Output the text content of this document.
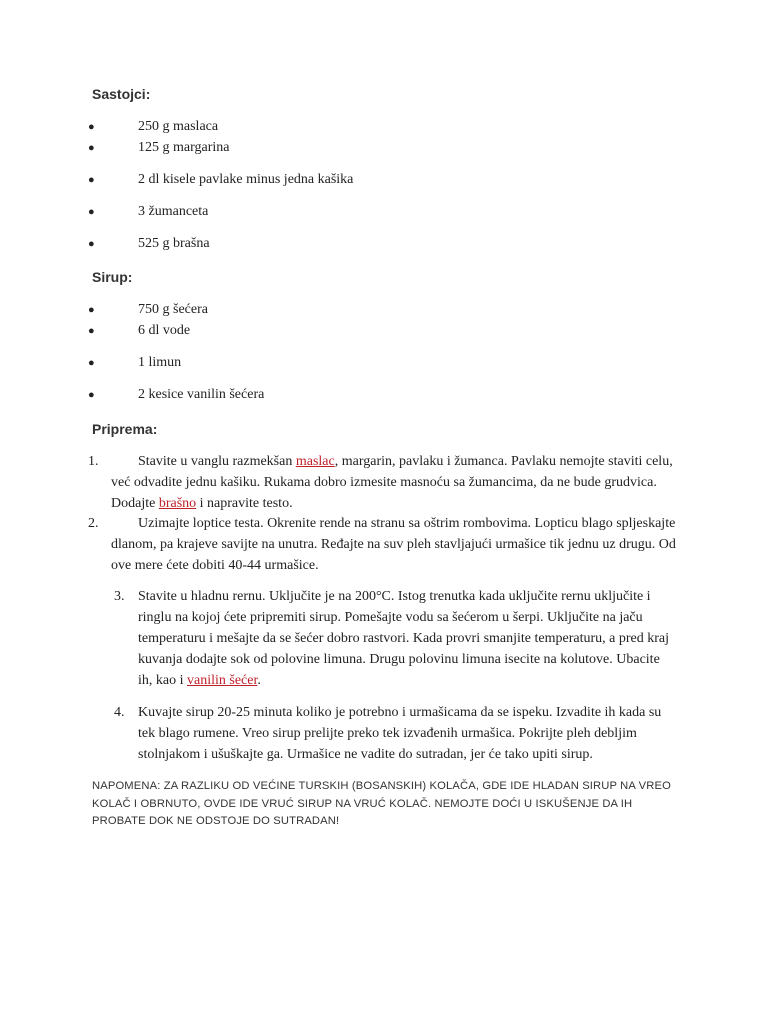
Sastojci:
●	250 g maslaca
●	125 g margarina
●	2 dl kisele pavlake minus jedna kašika
●	3 žumanceta
●	525 g brašna
Sirup:
●	750 g šećera
●	6 dl vode
●	1 limun
●	2 kesice vanilin šećera
Priprema:
1.	Stavite u vanglu razmekšan maslac, margarin, pavlaku i žumanca. Pavlaku nemojte staviti celu, već odvadite jednu kašiku. Rukama dobro izmesite masnoću sa žumancima, da ne bude grudvica. Dodajte brašno i napravite testo.
2.	Uzimajte loptice testa. Okrenite rende na stranu sa oštrim rombovima. Lopticu blago spljeskajte dlanom, pa krajeve savijte na unutra. Ređajte na suv pleh stavljajući urmašice tik jednu uz drugu. Od ove mere ćete dobiti 40-44 urmašice.
3. Stavite u hladnu rernu. Uključite je na 200°C. Istog trenutka kada uključite rernu uključite i ringlu na kojoj ćete pripremiti sirup. Pomešajte vodu sa šećerom u šerpi. Uključite na jaču temperaturu i mešajte da se šećer dobro rastvori. Kada provri smanjite temperaturu, a pred kraj kuvanja dodajte sok od polovine limuna. Drugu polovinu limuna isecite na kolutove. Ubacite ih, kao i vanilin šećer.
4. Kuvajte sirup 20-25 minuta koliko je potrebno i urmašicama da se ispeku. Izvadite ih kada su tek blago rumene. Vreo sirup prelijte preko tek izvađenih urmašica. Pokrijte pleh debljim stolnjakom i ušuškajte ga. Urmašice ne vadite do sutradan, jer će tako upiti sirup.
NAPOMENA: ZA RAZLIKU OD VEĆINE TURSKIH (BOSANSKIH) KOLAČA, GDE IDE HLADAN SIRUP NA VREO KOLAČ I OBRNUTO, OVDE IDE VRUĆ SIRUP NA VRUĆ KOLAČ. NEMOJTE DOĆI U ISKUŠENJE DA IH PROBATE DOK NE ODSTOJE DO SUTRADAN!
